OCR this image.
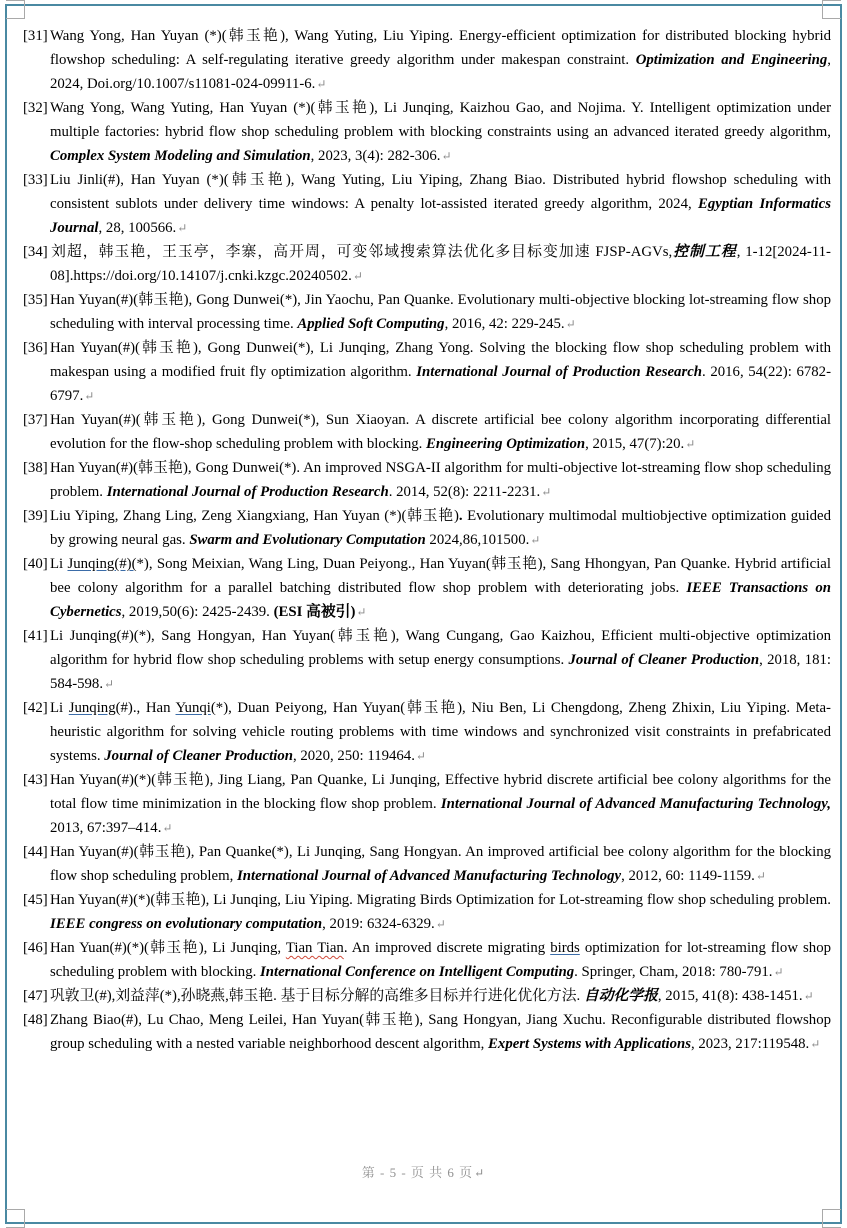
[31] Wang Yong, Han Yuyan (*)(韩玉艳), Wang Yuting, Liu Yiping. Energy-efficient optimization for distributed blocking hybrid flowshop scheduling: A self-regulating iterative greedy algorithm under makespan constraint. Optimization and Engineering, 2024, Doi.org/10.1007/s11081-024-09911-6.↵

[32] Wang Yong, Wang Yuting, Han Yuyan (*)(韩玉艳), Li Junqing, Kaizhou Gao, and Nojima. Y. Intelligent optimization under multiple factories: hybrid flow shop scheduling problem with blocking constraints using an advanced iterated greedy algorithm, Complex System Modeling and Simulation, 2023, 3(4): 282-306.↵

[33] Liu Jinli(#), Han Yuyan (*)(韩玉艳), Wang Yuting, Liu Yiping, Zhang Biao. Distributed hybrid flowshop scheduling with consistent sublots under delivery time windows: A penalty lot-assisted iterated greedy algorithm, 2024, Egyptian Informatics Journal, 28, 100566.↵

[34] 刘超，韩玉艳，王玉亭，李寨，高开周，可变邻域搜索算法优化多目标变加速 FJSP-AGVs,控制工程, 1-12[2024-11-08].https://doi.org/10.14107/j.cnki.kzgc.20240502.↵

[35] Han Yuyan(#)(韩玉艳), Gong Dunwei(*), Jin Yaochu, Pan Quanke. Evolutionary multi-objective blocking lot-streaming flow shop scheduling with interval processing time. Applied Soft Computing, 2016, 42: 229-245.↵

[36] Han Yuyan(#)(韩玉艳), Gong Dunwei(*), Li Junqing, Zhang Yong. Solving the blocking flow shop scheduling problem with makespan using a modified fruit fly optimization algorithm. International Journal of Production Research. 2016, 54(22): 6782-6797.↵

[37] Han Yuyan(#)(韩玉艳), Gong Dunwei(*), Sun Xiaoyan. A discrete artificial bee colony algorithm incorporating differential evolution for the flow-shop scheduling problem with blocking. Engineering Optimization, 2015, 47(7):20.↵

[38] Han Yuyan(#)(韩玉艳), Gong Dunwei(*). An improved NSGA-II algorithm for multi-objective lot-streaming flow shop scheduling problem. International Journal of Production Research. 2014, 52(8): 2211-2231.↵

[39] Liu Yiping, Zhang Ling, Zeng Xiangxiang, Han Yuyan (*)(韩玉艳). Evolutionary multimodal multiobjective optimization guided by growing neural gas. Swarm and Evolutionary Computation 2024,86,101500.↵

[40] Li Junqing(#)(*), Song Meixian, Wang Ling, Duan Peiyong., Han Yuyan(韩玉艳), Sang Hhongyan, Pan Quanke. Hybrid artificial bee colony algorithm for a parallel batching distributed flow shop problem with deteriorating jobs. IEEE Transactions on Cybernetics, 2019,50(6): 2425-2439. (ESI 高被引)↵

[41] Li Junqing(#)(*), Sang Hongyan, Han Yuyan(韩玉艳), Wang Cungang, Gao Kaizhou, Efficient multi-objective optimization algorithm for hybrid flow shop scheduling problems with setup energy consumptions. Journal of Cleaner Production, 2018, 181: 584-598.↵

[42] Li Junqing(#)., Han Yunqi(*), Duan Peiyong, Han Yuyan(韩玉艳), Niu Ben, Li Chengdong, Zheng Zhixin, Liu Yiping. Meta-heuristic algorithm for solving vehicle routing problems with time windows and synchronized visit constraints in prefabricated systems. Journal of Cleaner Production, 2020, 250: 119464.↵

[43] Han Yuyan(#)(*)(韩玉艳), Jing Liang, Pan Quanke, Li Junqing, Effective hybrid discrete artificial bee colony algorithms for the total flow time minimization in the blocking flow shop problem. International Journal of Advanced Manufacturing Technology, 2013, 67:397–414.↵

[44] Han Yuyan(#)(韩玉艳), Pan Quanke(*), Li Junqing, Sang Hongyan. An improved artificial bee colony algorithm for the blocking flow shop scheduling problem, International Journal of Advanced Manufacturing Technology, 2012, 60: 1149-1159.↵

[45] Han Yuyan(#)(*)(韩玉艳), Li Junqing, Liu Yiping. Migrating Birds Optimization for Lot-streaming flow shop scheduling problem. IEEE congress on evolutionary computation, 2019: 6324-6329.↵

[46] Han Yuan(#)(*)(韩玉艳), Li Junqing, Tian Tian. An improved discrete migrating birds optimization for lot-streaming flow shop scheduling problem with blocking. International Conference on Intelligent Computing. Springer, Cham, 2018: 780-791.↵

[47] 巩敦卫(#),刘益萍(*),孙晓燕,韩玉艳. 基于目标分解的高维多目标并行进化优化方法. 自动化学报, 2015, 41(8): 438-1451.↵

[48] Zhang Biao(#), Lu Chao, Meng Leilei, Han Yuyan(韩玉艳), Sang Hongyan, Jiang Xuchu. Reconfigurable distributed flowshop group scheduling with a nested variable neighborhood descent algorithm, Expert Systems with Applications, 2023, 217:119548.↵

第 - 5 - 页 共 6 页↵
